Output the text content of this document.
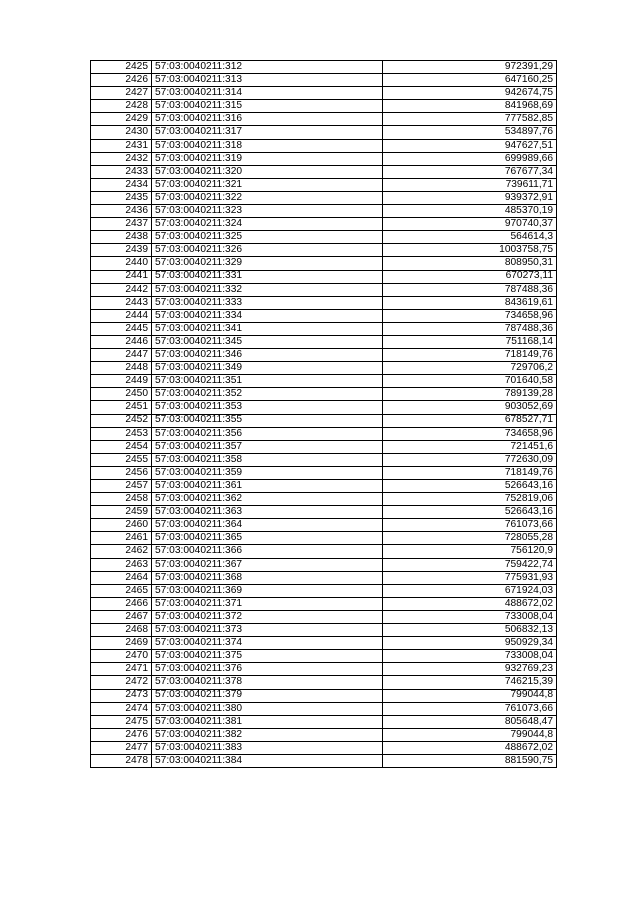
2425	57:03:0040211:312	972391,29
2426	57:03:0040211:313	647160,25
2427	57:03:0040211:314	942674,75
2428	57:03:0040211:315	841968,69
2429	57:03:0040211:316	777582,85
2430	57:03:0040211:317	534897,76
2431	57:03:0040211:318	947627,51
2432	57:03:0040211:319	699989,66
2433	57:03:0040211:320	767677,34
2434	57:03:0040211:321	739611,71
2435	57:03:0040211:322	939372,91
2436	57:03:0040211:323	485370,19
2437	57:03:0040211:324	970740,37
2438	57:03:0040211:325	564614,3
2439	57:03:0040211:326	1003758,75
2440	57:03:0040211:329	808950,31
2441	57:03:0040211:331	670273,11
2442	57:03:0040211:332	787488,36
2443	57:03:0040211:333	843619,61
2444	57:03:0040211:334	734658,96
2445	57:03:0040211:341	787488,36
2446	57:03:0040211:345	751168,14
2447	57:03:0040211:346	718149,76
2448	57:03:0040211:349	729706,2
2449	57:03:0040211:351	701640,58
2450	57:03:0040211:352	789139,28
2451	57:03:0040211:353	903052,69
2452	57:03:0040211:355	678527,71
2453	57:03:0040211:356	734658,96
2454	57:03:0040211:357	721451,6
2455	57:03:0040211:358	772630,09
2456	57:03:0040211:359	718149,76
2457	57:03:0040211:361	526643,16
2458	57:03:0040211:362	752819,06
2459	57:03:0040211:363	526643,16
2460	57:03:0040211:364	761073,66
2461	57:03:0040211:365	728055,28
2462	57:03:0040211:366	756120,9
2463	57:03:0040211:367	759422,74
2464	57:03:0040211:368	775931,93
2465	57:03:0040211:369	671924,03
2466	57:03:0040211:371	488672,02
2467	57:03:0040211:372	733008,04
2468	57:03:0040211:373	506832,13
2469	57:03:0040211:374	950929,34
2470	57:03:0040211:375	733008,04
2471	57:03:0040211:376	932769,23
2472	57:03:0040211:378	746215,39
2473	57:03:0040211:379	799044,8
2474	57:03:0040211:380	761073,66
2475	57:03:0040211:381	805648,47
2476	57:03:0040211:382	799044,8
2477	57:03:0040211:383	488672,02
2478	57:03:0040211:384	881590,75
